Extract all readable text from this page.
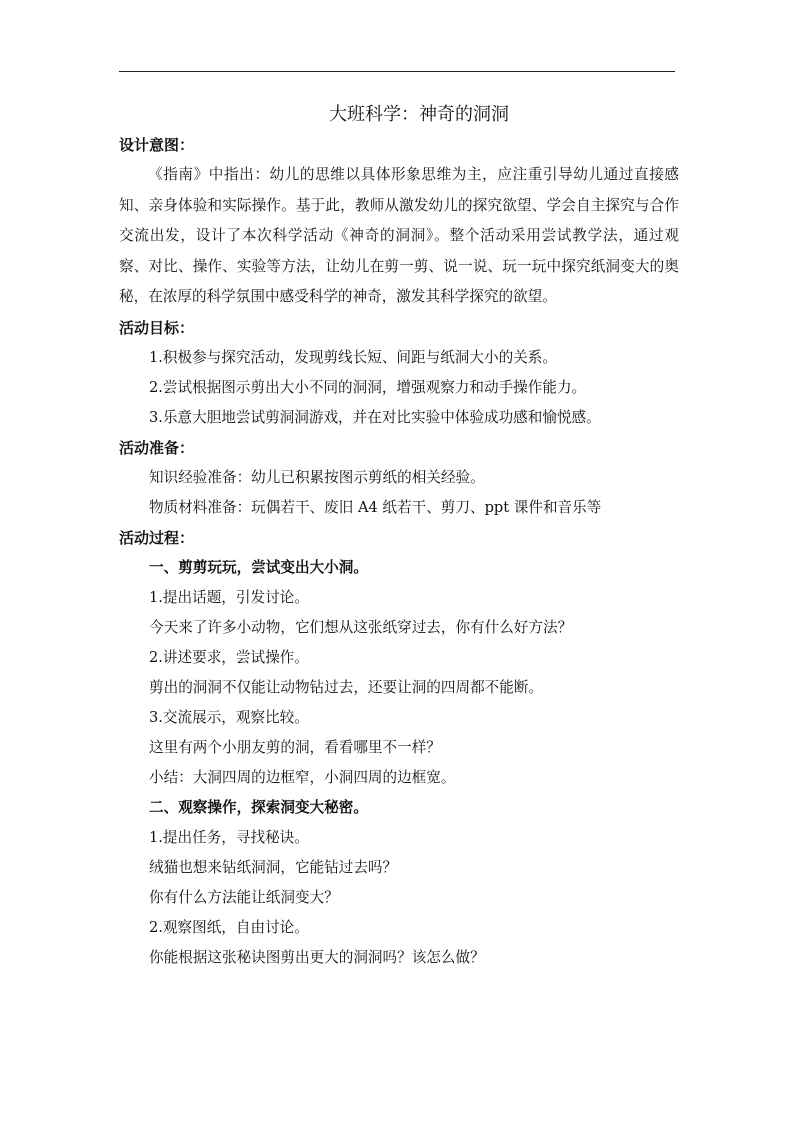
大班科学：神奇的洞洞
设计意图：

《指南》中指出：幼儿的思维以具体形象思维为主，应注重引导幼儿通过直接感知、亲身体验和实际操作。基于此，教师从激发幼儿的探究欲望、学会自主探究与合作交流出发，设计了本次科学活动《神奇的洞洞》。整个活动采用尝试教学法，通过观察、对比、操作、实验等方法，让幼儿在剪一剪、说一说、玩一玩中探究纸洞变大的奥秘，在浓厚的科学氛围中感受科学的神奇，激发其科学探究的欲望。

活动目标：
1.积极参与探究活动，发现剪线长短、间距与纸洞大小的关系。
2.尝试根据图示剪出大小不同的洞洞，增强观察力和动手操作能力。
3.乐意大胆地尝试剪洞洞游戏，并在对比实验中体验成功感和愉悦感。
活动准备：
知识经验准备：幼儿已积累按图示剪纸的相关经验。
物质材料准备：玩偶若干、废旧 A4 纸若干、剪刀、ppt 课件和音乐等
活动过程：
一、剪剪玩玩，尝试变出大小洞。
1.提出话题，引发讨论。
今天来了许多小动物，它们想从这张纸穿过去，你有什么好方法？
2.讲述要求，尝试操作。
剪出的洞洞不仅能让动物钻过去，还要让洞的四周都不能断。
3.交流展示，观察比较。
这里有两个小朋友剪的洞，看看哪里不一样？
小结：大洞四周的边框窄，小洞四周的边框宽。
二、观察操作，探索洞变大秘密。
1.提出任务，寻找秘诀。
绒猫也想来钻纸洞洞，它能钻过去吗？
你有什么方法能让纸洞变大？
2.观察图纸，自由讨论。
你能根据这张秘诀图剪出更大的洞洞吗？该怎么做？
